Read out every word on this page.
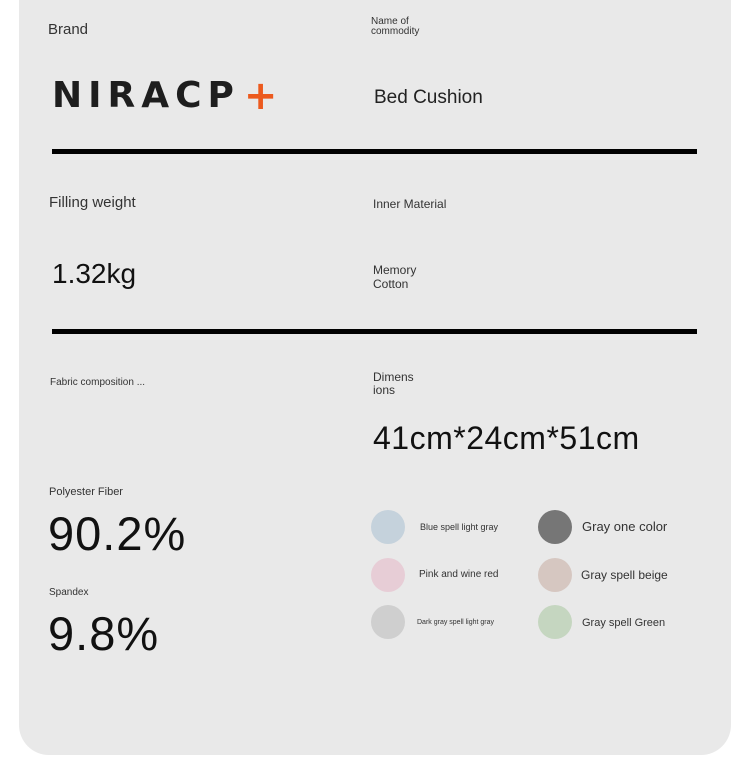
Brand
NIRACP +
Name of
commodity
Bed Cushion
Filling weight
1.32kg
Inner Material
Memory
Cotton
Fabric composition ...
Polyester Fiber
90.2%
Spandex
9.8%
Dimens
ions
41cm*24cm*51cm
Blue spell light gray	Gray one color
Pink and wine red	Gray spell beige
Dark gray spell light gray	Gray spell Green
